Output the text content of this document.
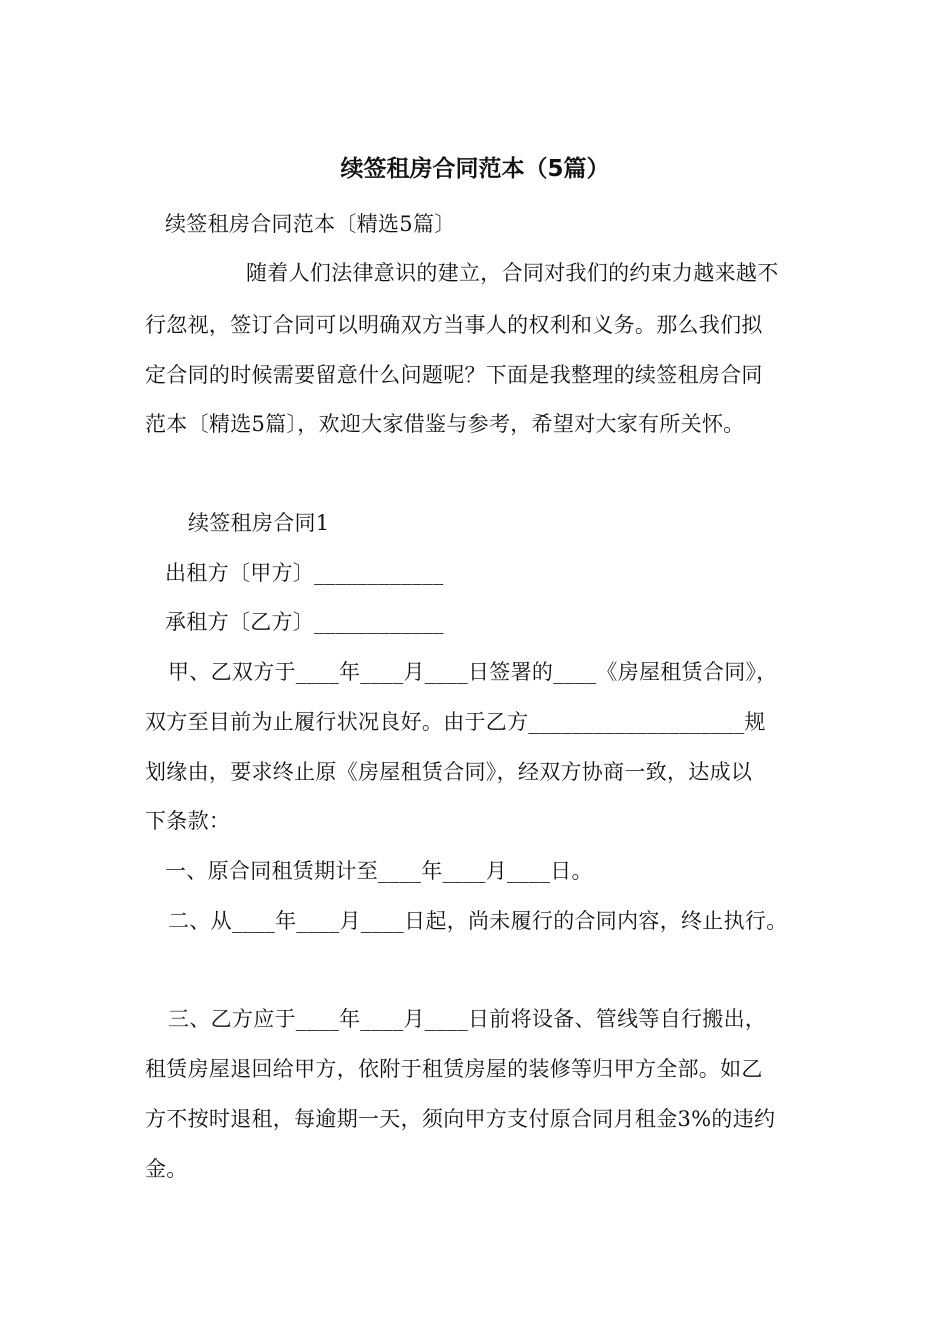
续签租房合同范本（5篇）
续签租房合同范本〔精选5篇〕
随着人们法律意识的建立，合同对我们的约束力越来越不
行忽视，签订合同可以明确双方当事人的权利和义务。那么我们拟
定合同的时候需要留意什么问题呢？下面是我整理的续签租房合同
范本〔精选5篇〕，欢迎大家借鉴与参考，希望对大家有所关怀。
续签租房合同1
出租方〔甲方〕____________
承租方〔乙方〕____________
甲、乙双方于____年____月____日签署的____《房屋租赁合同》，
双方至目前为止履行状况良好。由于乙方____________________规
划缘由，要求终止原《房屋租赁合同》，经双方协商一致，达成以
下条款：
一、原合同租赁期计至____年____月____日。
二、从____年____月____日起，尚未履行的合同内容，终止执行。
三、乙方应于____年____月____日前将设备、管线等自行搬出，
租赁房屋退回给甲方，依附于租赁房屋的装修等归甲方全部。如乙
方不按时退租，每逾期一天，须向甲方支付原合同月租金3%的违约
金。
